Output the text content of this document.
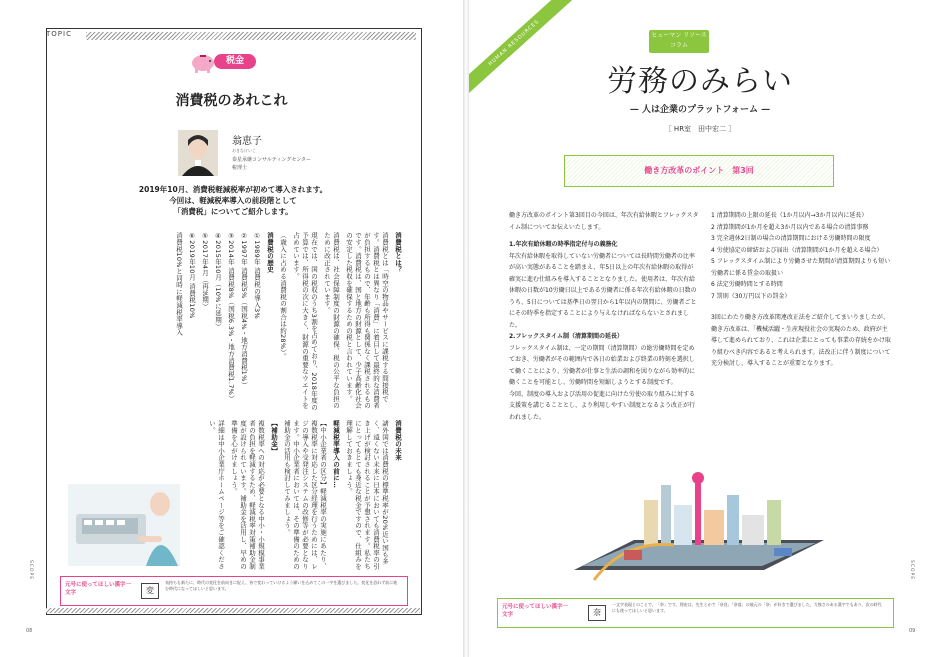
TOPIC
税金
消費税のあれこれ
翁恵子
おきなけいこ
泰星承継コンサルティングセンター
税理士
2019年10月、消費税軽減税率が初めて導入されます。
今回は、軽減税率導入の前段階として
「消費税」についてご紹介します。
消費税とは？
消費税とは「時空の物品やサービスに課税する間接税です。消費税とは異なり「消費」に着目して最終的な消費者が負担するもので、年齢も所得も関係なく課税されるものです。消費税は、国と地方の財源として、少子高齢化社会の安定した税収を確保するための税と言われています。
消費税は、社会保障制度の財源の確保、税の公平な負担のために改正されています。
現在では、国の税収のうち3割を占めており、2018年度の予算では、所得税の次に大きく、財源の重要なウエイトを占めています。
（歳入に占める消費税の割合は約28%）。
消費税の歴史
①1989年 消費税の導入3%
②1997年 消費税5%（国税4%・地方消費税1%）
③2014年 消費税8%（国税6.3%・地方消費税1.7%）
④2015年10月（10%に延期）
⑤2017年4月（再延期）
⑥2019年10月 消費税10%
消費税10%と同時に軽減税率導入
消費税の未来
諸外国では消費税の標準税率が20%近い国も多く、遠くない未来に日本においても消費税率の引き上げが検討されることが予想されます。私たちにとってもとても身近な税金ですので、仕組みを理解しておきましょう。
軽減税率導入の前に…
【中小企業者の区分】軽減税率の実施にあたり、複数税率に対応した区分経理を行うためには、レジの導入や受発注システムの改修等が必要となります。中小企業者においては、その準備のための補助金の活用も検討してみましょう。
【補助金】
複数税率への対応が必要となる中小・小規模事業者の負担を軽減するため、軽減税率対策補助金制度が設けられています。補助金を活用し、早めの準備を心がけましょう。
詳細は中小企業庁ホームページ等をご確認ください。
元号に使ってほしい漢字一文字	変
気持ちも新たに、時代の変化を前向きに捉え、皆で変わっていけるよう願いを込めてこの一字を選びました。変化を恐れず前に進む時代になってほしいと思います。
SCOPE
08
HUMAN RESOURCES	ヒューマン リソースコラム
労務のみらい
— 人は企業のプラットフォーム —
［ HR室　田中宏二 ］
働き方改革のポイント　第3回

働き方改革のポイント第3回目の今回は、年次有給休暇とフレックスタイム制についてお伝えいたします。

1.年次有給休暇の時季指定付与の義務化

年次有給休暇を取得していない労働者については長時間労働者の比率が高い実態があることを踏まえ、年5日以上の年次有給休暇の取得が確実に進む仕組みを導入することとなりました。使用者は、年次有給休暇の日数が10労働日以上である労働者に係る年次有給休暇の日数のうち、5日については基準日の翌日から1年以内の期間に、労働者ごとにその時季を指定することにより与えなければならないとされました。

2.フレックスタイム制（清算期間の延長）

フレックスタイム制は、一定の期間（清算期間）の総労働時間を定めておき、労働者がその範囲内で各日の始業および終業の時刻を選択して働くことにより、労働者が仕事と生活の調和を図りながら効率的に働くことを可能とし、労働時間を短縮しようとする制度です。

今回、制度の導入および活用の促進に向けた労使の取り組みに対する支援策を講じることとし、より利用しやすい制度となるよう改正が行われました。

1 清算期間の上限の延長（1か月以内→3か月以内に延長）

2 清算期間が1か月を超え3か月以内である場合の清算事務

3 完全週休2日制の場合の清算期間における労働時間の限度

4 労使協定の締結および届出（清算期間が1か月を超える場合）

5 フレックスタイム制により労働させた期間が清算期間よりも短い労働者に係る賃金の取扱い

6 法定労働時間とする時間

7 罰則（30万円以下の罰金）

3回にわたり働き方改革関連改正法をご紹介してまいりましたが、働き方改革は、「機械活躍・生産現役社会の実現のため、政府が主導して進められており、これは企業にとっても事業の存続をかけ取り組むべき内容であると考えられます。法改正に伴う制度について充分検討し、導入することが重要となります。

元号に使ってほしい漢字一文字	奈
一文字表現とのことで、「奈」です。理由は、先生とかで「奈良」「奈落」の地元の「奈」が好きで選びました。力強さのある漢字でもあり、次の時代にも使ってほしいと思います。
SCOPE
09
